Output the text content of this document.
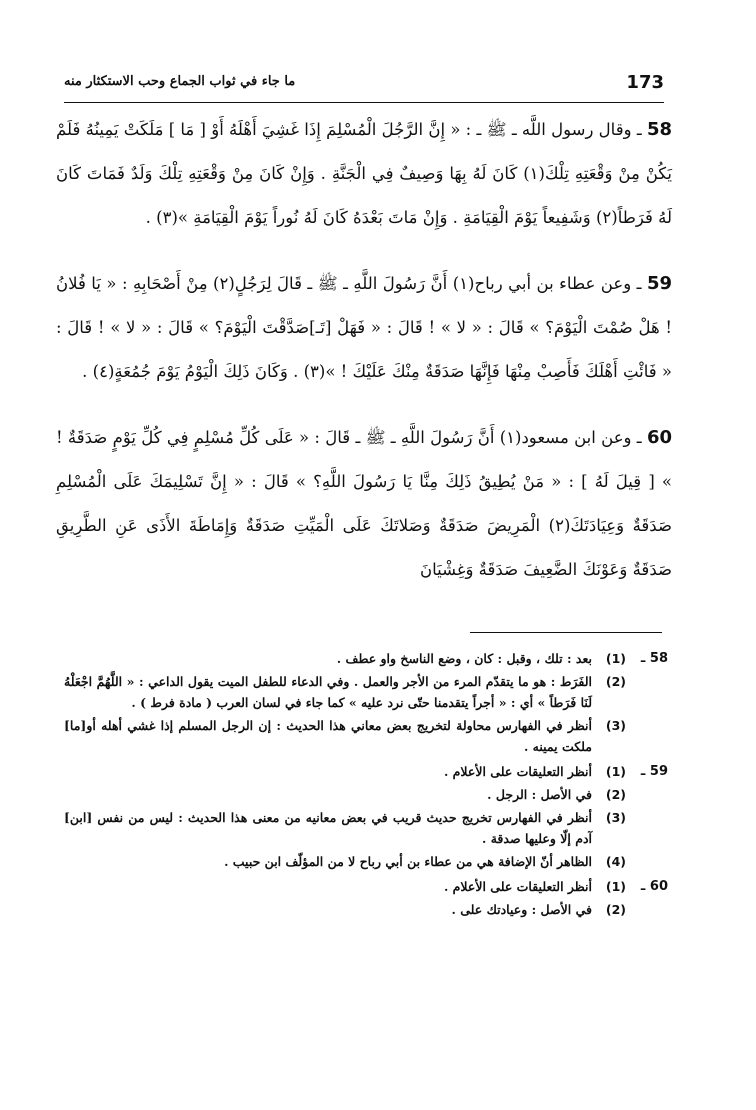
173
ما جاء في ثواب الجماع وحب الاستكثار منه

58 ـ وقال رسول اللَّه ـ ﷺ ـ : « إِنَّ الرَّجُلَ الْمُسْلِمَ إِذَا غَشِيَ أَهْلَهُ أَوْ [ مَا ] مَلَكَتْ يَمِينُهُ فَلَمْ يَكُنْ مِنْ وَقْعَتِهِ تِلْكَ(١) كَانَ لَهُ بِهَا وَصِيفٌ فِي الْجَنَّةِ . وَإِنْ كَانَ مِنْ وَقْعَتِهِ تِلْكَ وَلَدٌ فَمَاتَ كَانَ لَهُ فَرَطاً(٢) وَشَفِيعاً يَوْمَ الْقِيَامَةِ . وَإِنْ مَاتَ بَعْدَهُ كَانَ لَهُ نُوراً يَوْمَ الْقِيَامَةِ »(٣) .

59 ـ وعن عطاء بن أبي رباح(١) أَنَّ رَسُولَ اللَّهِ ـ ﷺ ـ قَالَ لِرَجُلٍ(٢) مِنْ أَصْحَابِهِ : « يَا فُلانُ ! هَلْ صُمْتَ الْيَوْمَ؟ » قَالَ : « لا » ! قَالَ : « فَهَلْ [تَـ]صَدَّقْتَ الْيَوْمَ؟ » قَالَ : « لا » ! قَالَ : « فَائْتِ أَهْلَكَ فَأَصِبْ مِنْهَا فَإِنَّهَا صَدَقَةٌ مِنْكَ عَلَيْكَ ! »(٣) . وَكَانَ ذَلِكَ الْيَوْمُ يَوْمَ جُمُعَةٍ(٤) .

60 ـ وعن ابن مسعود(١) أَنَّ رَسُولَ اللَّهِ ـ ﷺ ـ قَالَ : « عَلَى كُلِّ مُسْلِمٍ فِي كُلِّ يَوْمٍ صَدَقَةٌ ! » [ قِيلَ لَهُ ] : « مَنْ يُطِيقُ ذَلِكَ مِنَّا يَا رَسُولَ اللَّهِ؟ » قَالَ : « إِنَّ تَسْلِيمَكَ عَلَى الْمُسْلِمِ صَدَقَةٌ وَعِيَادَتَكَ(٢) الْمَرِيضَ صَدَقَةٌ وَصَلاتَكَ عَلَى الْمَيِّتِ صَدَقَةٌ وَإِمَاطَةَ الأَذَى عَنِ الطَّرِيقِ صَدَقَةٌ وَعَوْنَكَ الضَّعِيفَ صَدَقَةٌ وَغِشْيَانَ

58 ـ
(1)
بعد : تلك ، وقبل : كان ، وضع الناسخ واو عطف .
(2)
الفَرَط : هو ما يتقدّم المرء من الأجر والعمل . وفي الدعاء للطفل الميت يقول الداعي : « اللَّهُمَّ اجْعَلْهُ لَنَا فَرَطاً » أي : « أجراً يتقدمنا حتّى نرد عليه » كما جاء في لسان العرب ( مادة فرط ) .
(3)
أنظر في الفهارس محاولة لتخريج بعض معاني هذا الحديث : إن الرجل المسلم إذا غشي أهله أو[ما] ملكت يمينه .
59 ـ
(1)
أنظر التعليقات على الأعلام .
(2)
في الأصل : الرجل .
(3)
أنظر في الفهارس تخريج حديث قريب في بعض معانيه من معنى هذا الحديث : ليس من نفس [ابن] آدم إلّا وعليها صدقة .
(4)
الظاهر أنّ الإضافة هي من عطاء بن أبي رباح لا من المؤلّف ابن حبيب .
60 ـ
(1)
أنظر التعليقات على الأعلام .
(2)
في الأصل : وعيادتك على .
